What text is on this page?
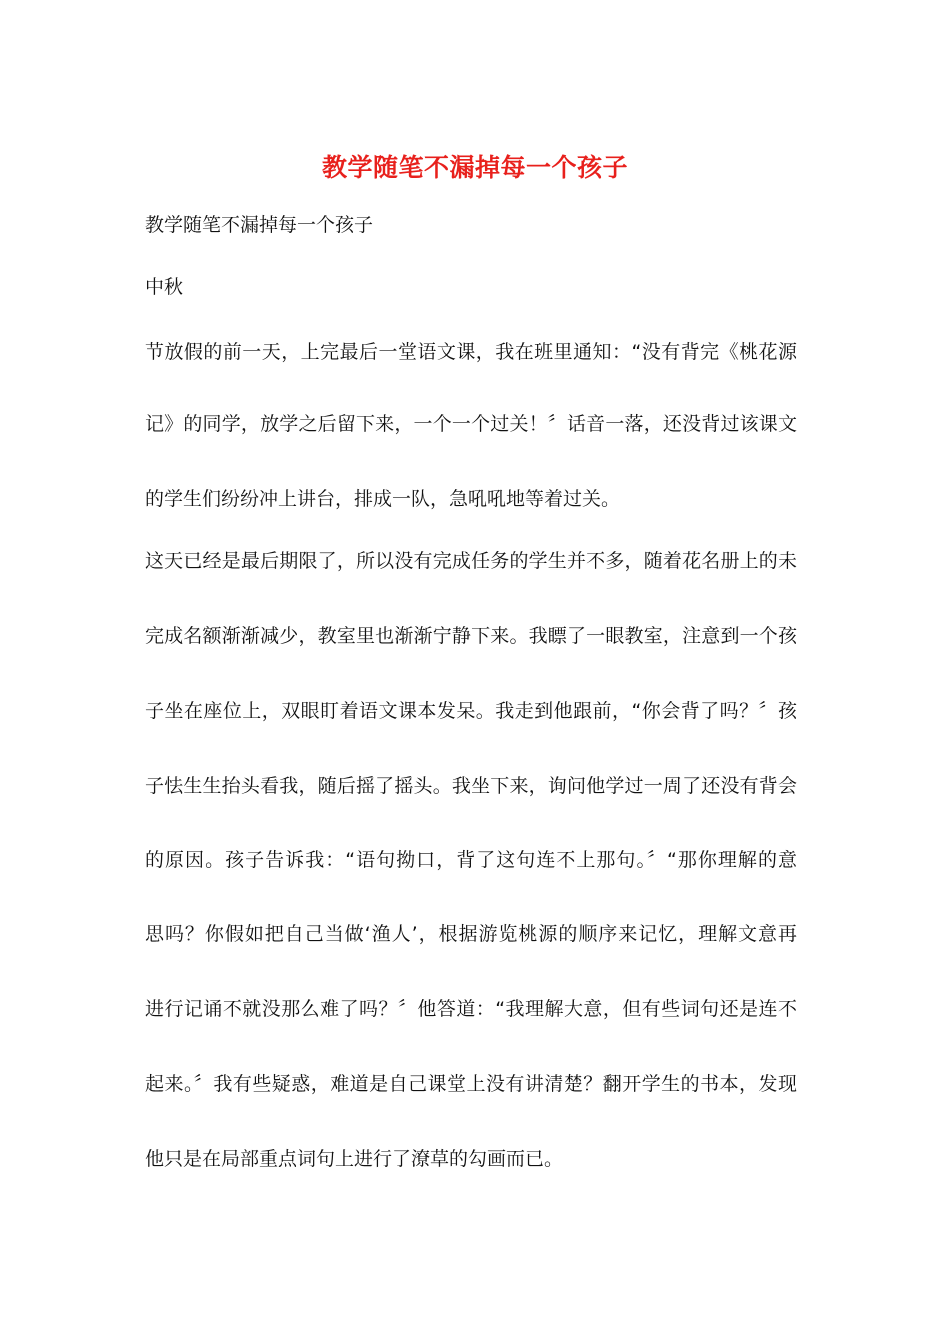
教学随笔不漏掉每一个孩子
教学随笔不漏掉每一个孩子
中秋
节放假的前一天，上完最后一堂语文课，我在班里通知：“没有背完《桃花源
记》的同学，放学之后留下来，一个一个过关！〞话音一落，还没背过该课文
的学生们纷纷冲上讲台，排成一队，急吼吼地等着过关。
这天已经是最后期限了，所以没有完成任务的学生并不多，随着花名册上的未
完成名额渐渐减少，教室里也渐渐宁静下来。我瞟了一眼教室，注意到一个孩
子坐在座位上，双眼盯着语文课本发呆。我走到他跟前，“你会背了吗？〞孩
子怯生生抬头看我，随后摇了摇头。我坐下来，询问他学过一周了还没有背会
的原因。孩子告诉我：“语句拗口，背了这句连不上那句。〞“那你理解的意
思吗？你假如把自己当做‘渔人’，根据游览桃源的顺序来记忆，理解文意再
进行记诵不就没那么难了吗？〞他答道：“我理解大意，但有些词句还是连不
起来。〞我有些疑惑，难道是自己课堂上没有讲清楚？翻开学生的书本，发现
他只是在局部重点词句上进行了潦草的勾画而已。
